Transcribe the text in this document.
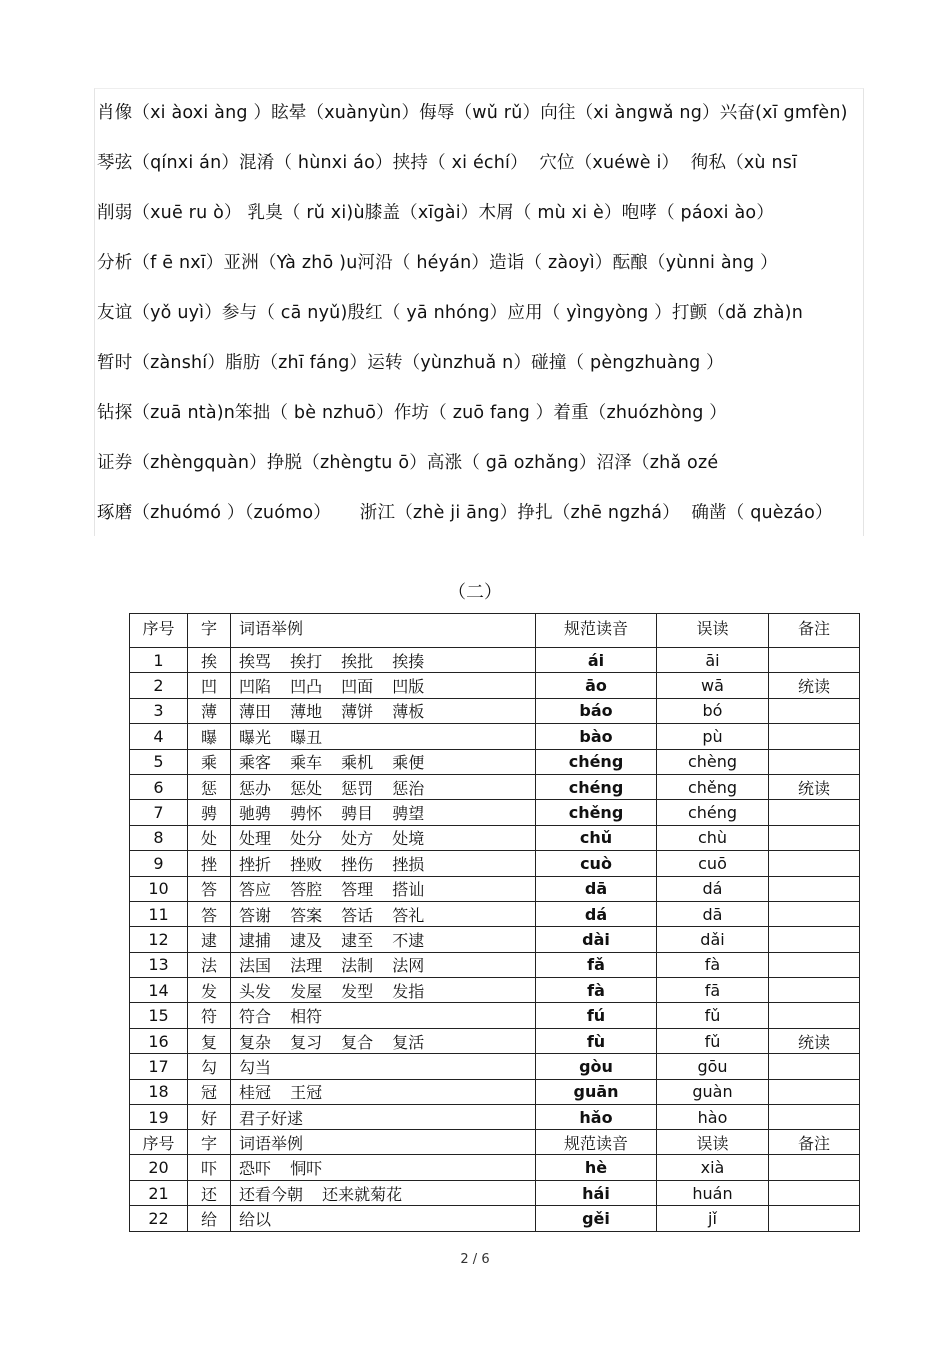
肖像（xi àoxi àng ）眩晕（xuànyùn）侮辱（wǔ rǔ）向往（xi àngwǎ ng）兴奋(xī gmfèn)
琴弦（qínxi án）混淆（ hùnxi áo）挟持（ xi échí）  穴位（xuéwè i）  徇私（xù nsī
削弱（xuē ru ò） 乳臭（ rǔ xi)ù膝盖（xīgài）木屑（ mù xi è）咆哮（ páoxi ào）
分析（f ē nxī）亚洲（Yà zhō )u河沿（ héyán）造诣（ zàoyì）酝酿（yùnni àng ）
友谊（yǒ uyì）参与（ cā nyǔ)殷红（ yā nhóng）应用（ yìngyòng ）打颤（dǎ zhà)n
暂时（zànshí）脂肪（zhī fáng）运转（yùnzhuǎ n）碰撞（ pèngzhuàng ）
钻探（zuā ntà)n笨拙（ bè nzhuō）作坊（ zuō fang ）着重（zhuózhòng ）
证券（zhèngquàn）挣脱（zhèngtu ō）高涨（ gā ozhǎng）沼泽（zhǎ ozé
琢磨（zhuómó ）（zuómo）     浙江（zhè ji āng）挣扎（zhē ngzhá）  确凿（ quèzáo）
（二）
序号	字	词语举例	规范读音	误读	备注
1	挨	挨骂 挨打 挨批 挨揍	ái	āi	
2	凹	凹陷 凹凸 凹面 凹版	āo	wā	统读
3	薄	薄田 薄地 薄饼 薄板	báo	bó	
4	曝	曝光 曝丑	bào	pù	
5	乘	乘客 乘车 乘机 乘便	chéng	chèng	
6	惩	惩办 惩处 惩罚 惩治	chéng	chěng	统读
7	骋	驰骋 骋怀 骋目 骋望	chěng	chéng	
8	处	处理 处分 处方 处境	chǔ	chù	
9	挫	挫折 挫败 挫伤 挫损	cuò	cuō	
10	答	答应 答腔 答理 搭讪	dā	dá	
11	答	答谢 答案 答话 答礼	dá	dā	
12	逮	逮捕 逮及 逮至 不逮	dài	dǎi	
13	法	法国 法理 法制 法网	fǎ	fà	
14	发	头发 发屋 发型 发指	fà	fā	
15	符	符合 相符	fú	fǔ	
16	复	复杂 复习 复合 复活	fù	fǔ	统读
17	勾	勾当	gòu	gōu	
18	冠	桂冠 王冠	guān	guàn	
19	好	君子好逑	hǎo	hào	
序号	字	词语举例	规范读音	误读	备注
20	吓	恐吓 恫吓	hè	xià	
21	还	还看今朝 还来就菊花	hái	huán	
22	给	给以	gěi	jǐ	
2 / 6
